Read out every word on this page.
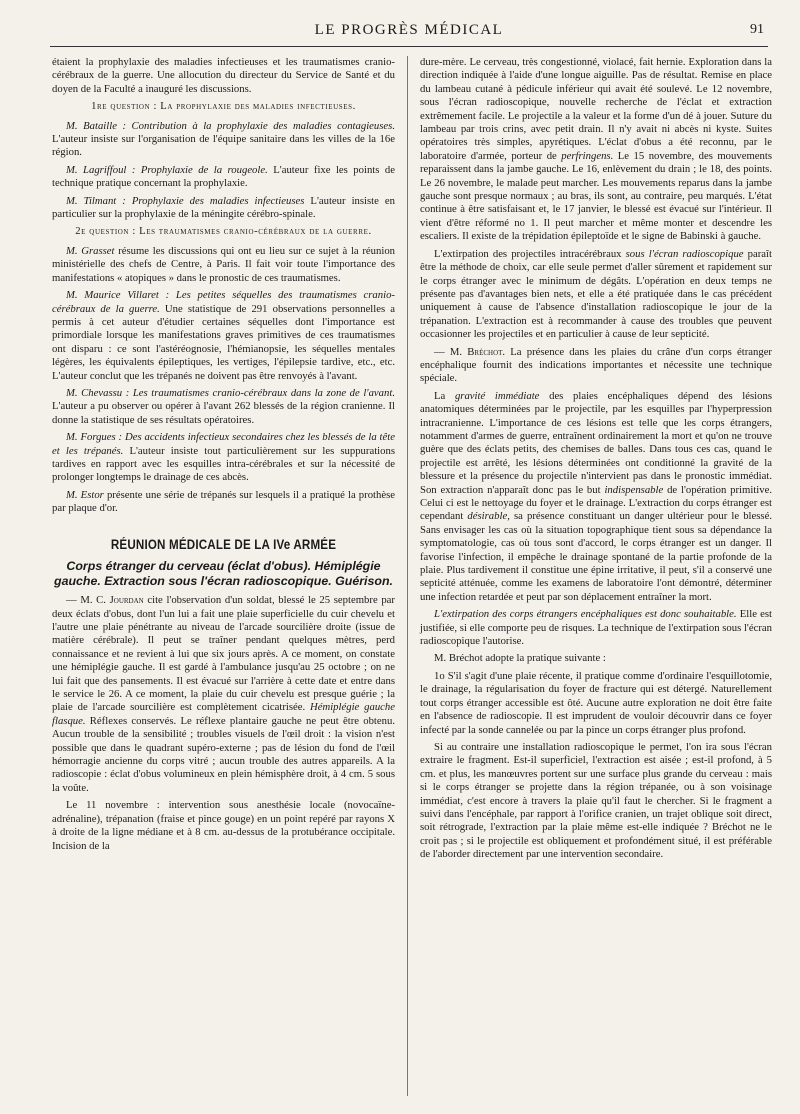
LE PROGRÈS MÉDICAL	91

étaient la prophylaxie des maladies infectieuses et les traumatismes cranio-cérébraux de la guerre. Une allocution du directeur du Service de Santé et du doyen de la Faculté a inauguré les discussions.

1re question : La prophylaxie des maladies infectieuses.

M. Bataille : Contribution à la prophylaxie des maladies contagieuses. L'auteur insiste sur l'organisation de l'équipe sanitaire dans les villes de la 16e région.

M. Lagriffoul : Prophylaxie de la rougeole. L'auteur fixe les points de technique pratique concernant la prophylaxie.

M. Tilmant : Prophylaxie des maladies infectieuses L'auteur insiste en particulier sur la prophylaxie de la méningite cérébro-spinale.

2e question : Les traumatismes cranio-cérébraux de la guerre.

M. Grasset résume les discussions qui ont eu lieu sur ce sujet à la réunion ministérielle des chefs de Centre, à Paris. Il fait voir toute l'importance des manifestations « atopiques » dans le pronostic de ces traumatismes.

M. Maurice Villaret : Les petites séquelles des traumatismes cranio-cérébraux de la guerre. Une statistique de 291 observations personnelles a permis à cet auteur d'étudier certaines séquelles dont l'importance est primordiale lorsque les manifestations graves primitives de ces traumatismes ont disparu : ce sont l'astéréognosie, l'hémianopsie, les séquelles mentales légères, les équivalents épileptiques, les vertiges, l'épilepsie tardive, etc., etc. L'auteur conclut que les trépanés ne doivent pas être renvoyés à l'avant.

M. Chevassu : Les traumatismes cranio-cérébraux dans la zone de l'avant. L'auteur a pu observer ou opérer à l'avant 262 blessés de la région cranienne. Il donne la statistique de ses résultats opératoires.

M. Forgues : Des accidents infectieux secondaires chez les blessés de la tête et les trépanés. L'auteur insiste tout particulièrement sur les suppurations tardives en rapport avec les esquilles intra-cérébrales et sur la nécessité de prolonger longtemps le drainage de ces abcès.

M. Estor présente une série de trépanés sur lesquels il a pratiqué la prothèse par plaque d'or.

RÉUNION MÉDICALE DE LA IVe ARMÉE
Corps étranger du cerveau (éclat d'obus). Hémiplégie gauche. Extraction sous l'écran radioscopique. Guérison.

— M. C. Jourdan cite l'observation d'un soldat, blessé le 25 septembre par deux éclats d'obus, dont l'un lui a fait une plaie superficielle du cuir chevelu et l'autre une plaie pénétrante au niveau de l'arcade sourcilière droite (issue de matière cérébrale). Il peut se traîner pendant quelques mètres, perd connaissance et ne revient à lui que six jours après. A ce moment, on constate une hémiplégie gauche. Il est gardé à l'ambulance jusqu'au 25 octobre ; on ne lui fait que des pansements. Il est évacué sur l'arrière à cette date et entre dans le service le 26. A ce moment, la plaie du cuir chevelu est presque guérie ; la plaie de l'arcade sourcilière est complètement cicatrisée. Hémiplégie gauche flasque. Réflexes conservés. Le réflexe plantaire gauche ne peut être obtenu. Aucun trouble de la sensibilité ; troubles visuels de l'œil droit : la vision n'est possible que dans le quadrant supéro-externe ; pas de lésion du fond de l'œil hémorragie ancienne du corps vitré ; aucun trouble des autres appareils. A la radioscopie : éclat d'obus volumineux en plein hémisphère droit, à 4 cm. 5 sous la voûte.

Le 11 novembre : intervention sous anesthésie locale (novocaïne-adrénaline), trépanation (fraise et pince gouge) en un point repéré par rayons X à droite de la ligne médiane et à 8 cm. au-dessus de la protubérance occipitale. Incision de la

dure-mère. Le cerveau, très congestionné, violacé, fait hernie. Exploration dans la direction indiquée à l'aide d'une longue aiguille. Pas de résultat. Remise en place du lambeau cutané à pédicule inférieur qui avait été soulevé. Le 12 novembre, sous l'écran radioscopique, nouvelle recherche de l'éclat et extraction extrêmement facile. Le projectile a la valeur et la forme d'un dé à jouer. Suture du lambeau par trois crins, avec petit drain. Il n'y avait ni abcès ni kyste. Suites opératoires très simples, apyrétiques. L'éclat d'obus a été reconnu, par le laboratoire d'armée, porteur de perfringens. Le 15 novembre, des mouvements reparaissent dans la jambe gauche. Le 16, enlèvement du drain ; le 18, des points. Le 26 novembre, le malade peut marcher. Les mouvements reparus dans la jambe gauche sont presque normaux ; au bras, ils sont, au contraire, peu marqués. L'état continue à être satisfaisant et, le 17 janvier, le blessé est évacué sur l'intérieur. Il vient d'être réformé no 1. Il peut marcher et même monter et descendre les escaliers. Il existe de la trépidation épileptoïde et le signe de Babinski à gauche.

L'extirpation des projectiles intracérébraux sous l'écran radioscopique paraît être la méthode de choix, car elle seule permet d'aller sûrement et rapidement sur le corps étranger avec le minimum de dégâts. L'opération en deux temps ne présente pas d'avantages bien nets, et elle a été pratiquée dans le cas précédent uniquement à cause de l'absence d'installation radioscopique le jour de la trépanation. L'extraction est à recommander à cause des troubles que peuvent occasionner les projectiles et en particulier à cause de leur septicité.

— M. Bréchot. La présence dans les plaies du crâne d'un corps étranger encéphalique fournit des indications importantes et nécessite une technique spéciale.

La gravité immédiate des plaies encéphaliques dépend des lésions anatomiques déterminées par le projectile, par les esquilles par l'hyperpression intracranienne. L'importance de ces lésions est telle que les corps étrangers, notamment d'armes de guerre, entraînent ordinairement la mort et qu'on ne trouve guère que des éclats petits, des chemises de balles. Dans tous ces cas, quand le projectile est arrêté, les lésions déterminées ont conditionné la gravité de la blessure et la présence du projectile n'intervient pas dans le pronostic immédiat. Son extraction n'apparaît donc pas le but indispensable de l'opération primitive. Celui ci est le nettoyage du foyer et le drainage. L'extraction du corps étranger est cependant désirable, sa présence constituant un danger ultérieur pour le blessé. Sans envisager les cas où la situation topographique tient sous sa dépendance la symptomatologie, cas où tous sont d'accord, le corps étranger est un danger. Il favorise l'infection, il empêche le drainage spontané de la partie profonde de la plaie. Plus tardivement il constitue une épine irritative, il peut, s'il a conservé une septicité atténuée, comme les examens de laboratoire l'ont démontré, déterminer une infection retardée et peut par son déplacement entraîner la mort.

L'extirpation des corps étrangers encéphaliques est donc souhaitable. Elle est justifiée, si elle comporte peu de risques. La technique de l'extirpation sous l'écran radioscopique l'autorise.

M. Bréchot adopte la pratique suivante :

1o S'il s'agit d'une plaie récente, il pratique comme d'ordinaire l'esquillotomie, le drainage, la régularisation du foyer de fracture qui est détergé. Naturellement tout corps étranger accessible est ôté. Aucune autre exploration ne doit être faite en l'absence de radioscopie. Il est imprudent de vouloir découvrir dans ce foyer infecté par la sonde cannelée ou par la pince un corps étranger plus profond.

Si au contraire une installation radioscopique le permet, l'on ira sous l'écran extraire le fragment. Est-il superficiel, l'extraction est aisée ; est-il profond, à 5 cm. et plus, les manœuvres portent sur une surface plus grande du cerveau : mais si le corps étranger se projette dans la région trépanée, ou à son voisinage immédiat, c'est encore à travers la plaie qu'il faut le chercher. Si le fragment a suivi dans l'encéphale, par rapport à l'orifice cranien, un trajet oblique soit direct, soit rétrograde, l'extraction par la plaie même est-elle indiquée ? Bréchot ne le croit pas ; si le projectile est obliquement et profondément situé, il est préférable de l'aborder directement par une intervention secondaire.
